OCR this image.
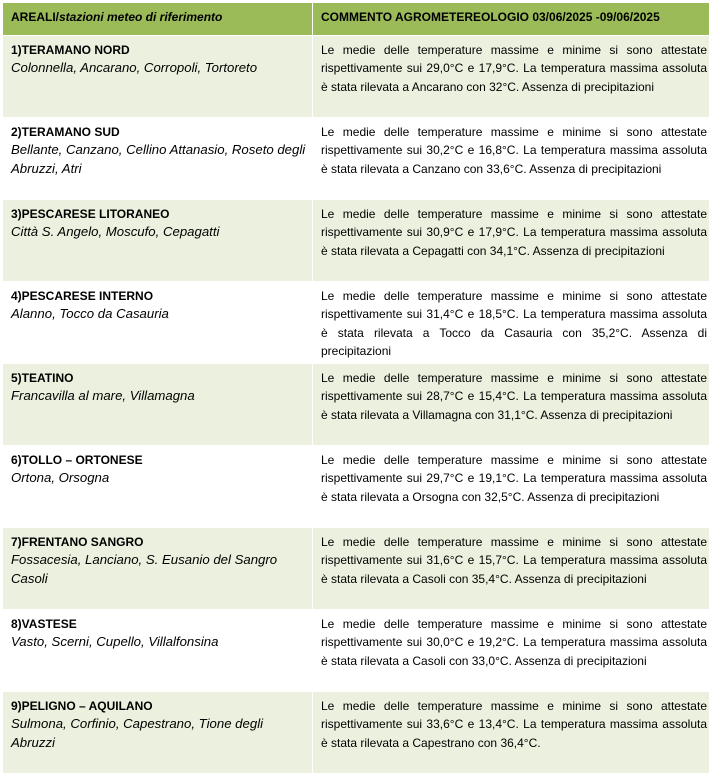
AREALI/stazioni meteo di riferimento	COMMENTO AGROMETEREOLOGIO 03/06/2025 -09/06/2025

1)TERAMANO NORD
Colonnella, Ancarano, Corropoli, Tortoreto	Le medie delle temperature massime e minime si sono attestate rispettivamente sui 29,0°C e 17,9°C. La temperatura massima assoluta è stata rilevata a Ancarano con 32°C. Assenza di precipitazioni

2)TERAMANO SUD
Bellante, Canzano, Cellino Attanasio, Roseto degli Abruzzi, Atri	Le medie delle temperature massime e minime si sono attestate rispettivamente sui 30,2°C e 16,8°C. La temperatura massima assoluta è stata rilevata a Canzano con 33,6°C. Assenza di precipitazioni

3)PESCARESE LITORANEO
Città S. Angelo, Moscufo, Cepagatti	Le medie delle temperature massime e minime si sono attestate rispettivamente sui 30,9°C e 17,9°C. La temperatura massima assoluta è stata rilevata a Cepagatti con 34,1°C. Assenza di precipitazioni

4)PESCARESE INTERNO
Alanno, Tocco da Casauria	Le medie delle temperature massime e minime si sono attestate rispettivamente sui 31,4°C e 18,5°C. La temperatura massima assoluta è stata rilevata a Tocco da Casauria con 35,2°C. Assenza di precipitazioni

5)TEATINO
Francavilla al mare, Villamagna	Le medie delle temperature massime e minime si sono attestate rispettivamente sui 28,7°C e 15,4°C. La temperatura massima assoluta è stata rilevata a Villamagna con 31,1°C. Assenza di precipitazioni

6)TOLLO – ORTONESE
Ortona, Orsogna	Le medie delle temperature massime e minime si sono attestate rispettivamente sui 29,7°C e 19,1°C. La temperatura massima assoluta è stata rilevata a Orsogna con 32,5°C. Assenza di precipitazioni

7)FRENTANO SANGRO
Fossacesia, Lanciano, S. Eusanio del Sangro Casoli	Le medie delle temperature massime e minime si sono attestate rispettivamente sui 31,6°C e 15,7°C. La temperatura massima assoluta è stata rilevata a Casoli con 35,4°C. Assenza di precipitazioni

8)VASTESE
Vasto, Scerni, Cupello, Villalfonsina	Le medie delle temperature massime e minime si sono attestate rispettivamente sui 30,0°C e 19,2°C. La temperatura massima assoluta è stata rilevata a Casoli con 33,0°C. Assenza di precipitazioni

9)PELIGNO – AQUILANO
Sulmona, Corfinio, Capestrano, Tione degli Abruzzi	Le medie delle temperature massime e minime si sono attestate rispettivamente sui 33,6°C e 13,4°C. La temperatura massima assoluta è stata rilevata a Capestrano con 36,4°C.
